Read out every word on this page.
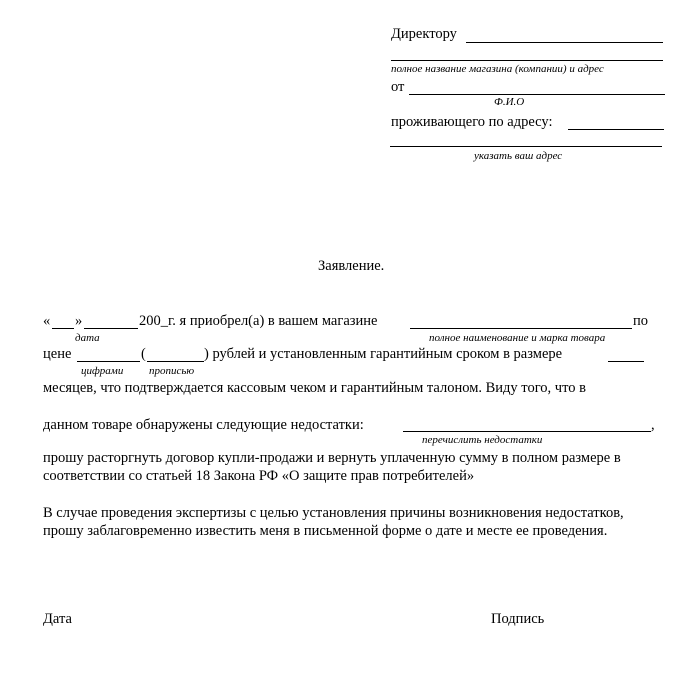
Директору
полное название магазина (компании) и адрес
от
Ф.И.О
проживающего по адресу:
указать ваш адрес
Заявление.
« »	200_г. я приобрел(а) в вашем магазине	по
дата	полное наименование и марка товара
цене	(	) рублей и установленным гарантийным сроком в размере
цифрами прописью
месяцев, что подтверждается кассовым чеком и гарантийным талоном. Виду того, что в
данном товаре обнаружены следующие недостатки:	,
перечислить недостатки
прошу расторгнуть договор купли-продажи и вернуть уплаченную сумму в полном размере в соответствии со статьей 18 Закона РФ «О защите прав потребителей»
В случае проведения экспертизы с целью установления причины возникновения недостатков, прошу заблаговременно известить меня в письменной форме о дате и месте ее проведения.
Дата	Подпись
